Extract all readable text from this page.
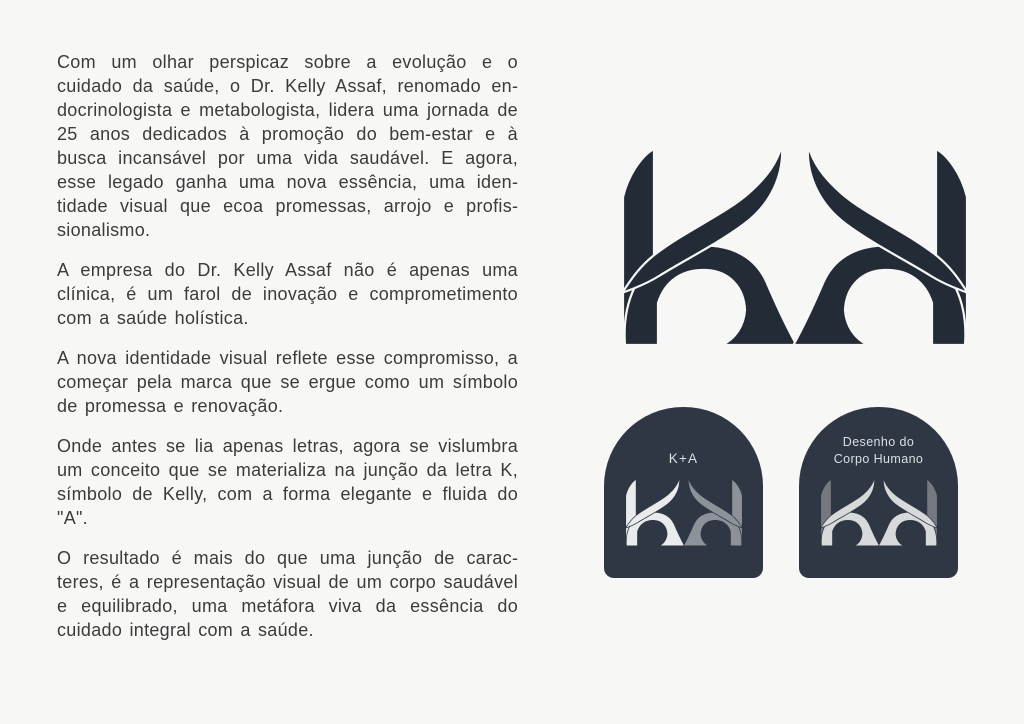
Com um olhar perspicaz sobre a evolução e o cuidado da saúde, o Dr. Kelly Assaf, renomado endocrinologista e metabologista, lidera uma jornada de 25 anos dedicados à promoção do bem-estar e à busca incansável por uma vida saudável. E agora, esse legado ganha uma nova essência, uma identidade visual que ecoa promessas, arrojo e profissionalismo.

A empresa do Dr. Kelly Assaf não é apenas uma clínica, é um farol de inovação e comprometimento com a saúde holística.

A nova identidade visual reflete esse compromisso, a começar pela marca que se ergue como um símbolo de promessa e renovação.

Onde antes se lia apenas letras, agora se vislumbra um conceito que se materializa na junção da letra K, símbolo de Kelly, com a forma elegante e fluida do "A".

O resultado é mais do que uma junção de caracteres, é a representação visual de um corpo saudável e equilibrado, uma metáfora viva da essência do cuidado integral com a saúde.

K+A
Desenho do
Corpo Humano
